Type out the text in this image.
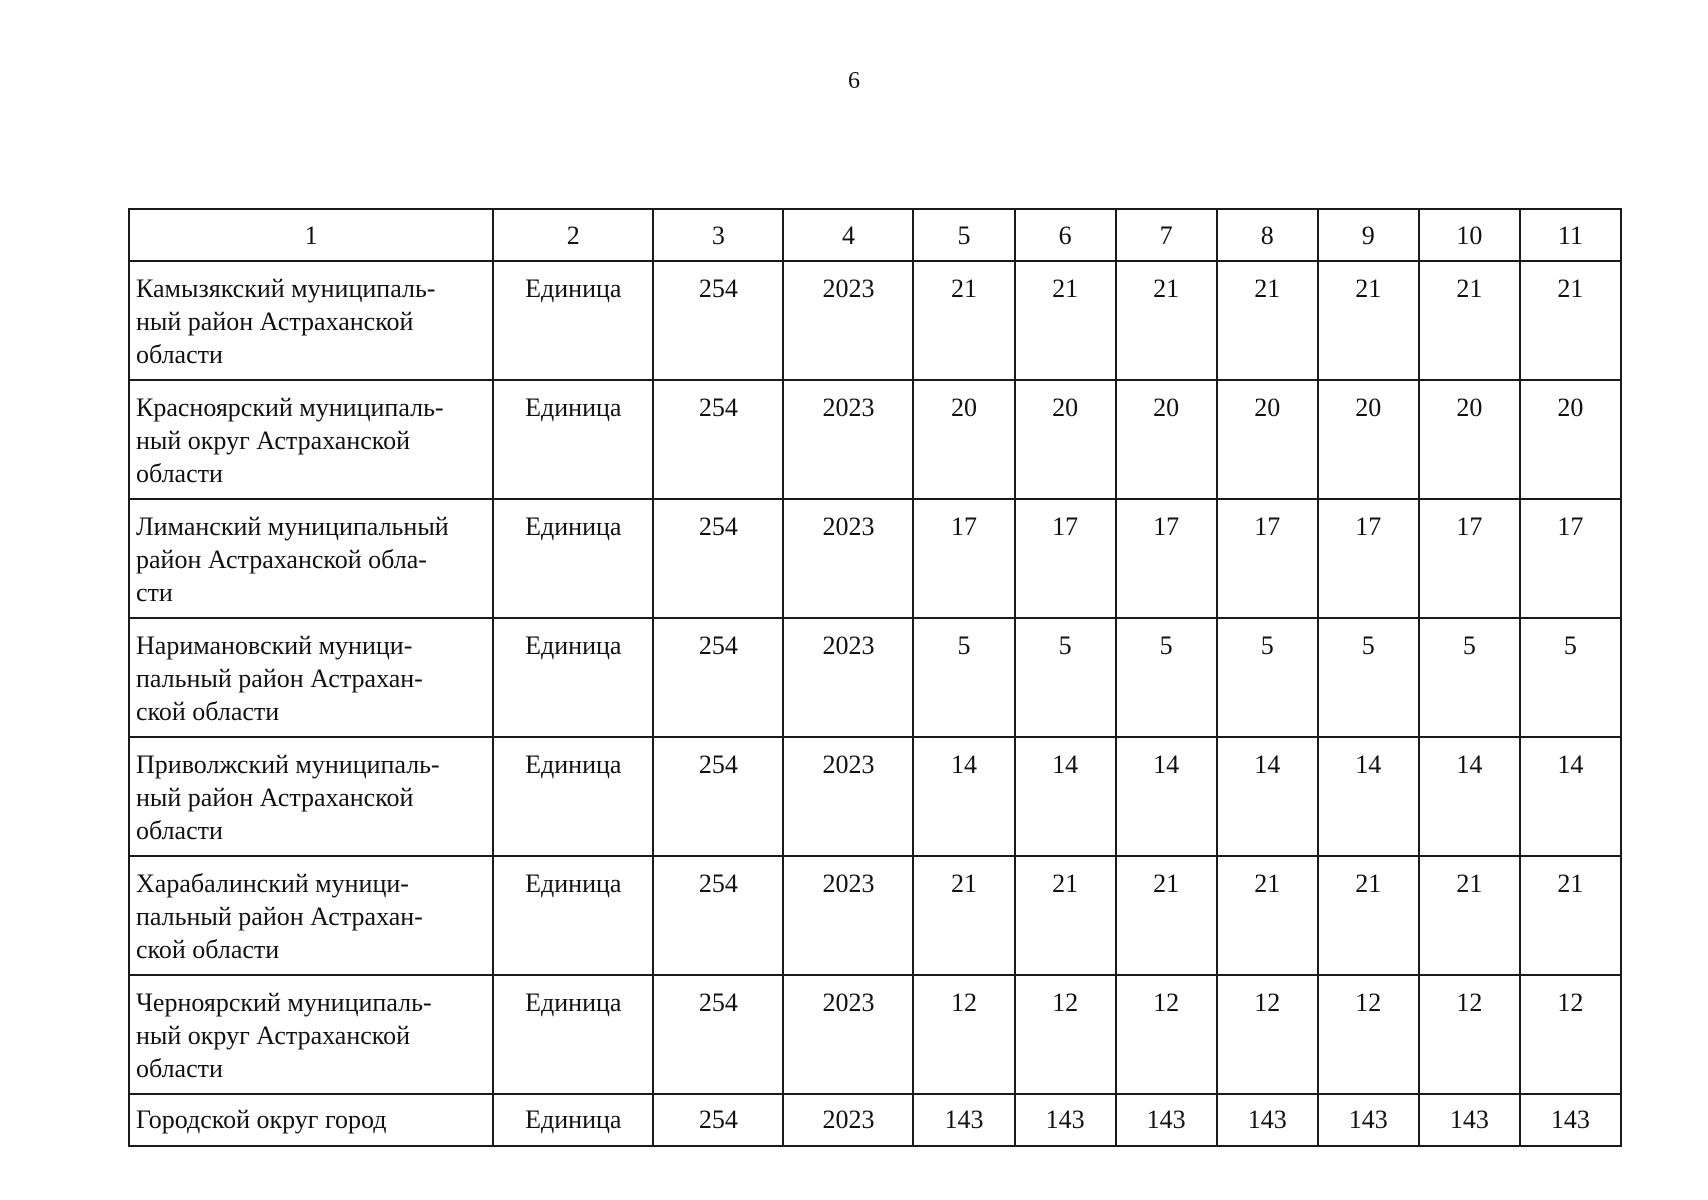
6
1	2	3	4	5	6	7	8	9	10	11

Камызякский муниципаль-
ный район Астраханской
области	Единица	254	2023	21	21	21	21	21	21	21

Красноярский муниципаль-
ный округ Астраханской
области	Единица	254	2023	20	20	20	20	20	20	20

Лиманский муниципальный
район Астраханской обла-
сти	Единица	254	2023	17	17	17	17	17	17	17

Наримановский муници-
пальный район Астрахан-
ской области	Единица	254	2023	5	5	5	5	5	5	5

Приволжский муниципаль-
ный район Астраханской
области	Единица	254	2023	14	14	14	14	14	14	14

Харабалинский муници-
пальный район Астрахан-
ской области	Единица	254	2023	21	21	21	21	21	21	21

Черноярский муниципаль-
ный округ Астраханской
области	Единица	254	2023	12	12	12	12	12	12	12

Городской округ город	Единица	254	2023	143	143	143	143	143	143	143
